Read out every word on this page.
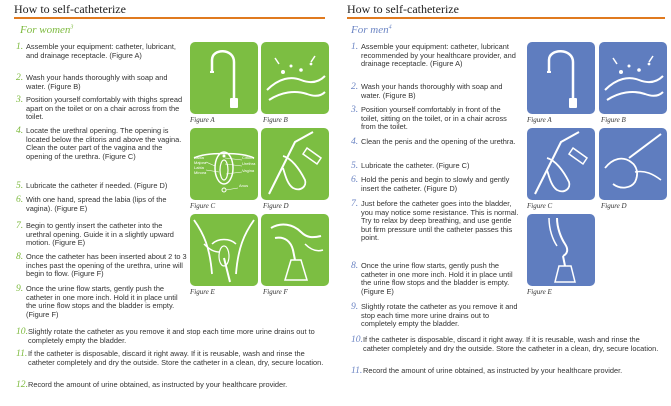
How to self-catheterize
For women$^3$
1. Assemble your equipment: catheter, lubricant, and drainage receptacle. (Figure A)
2. Wash your hands thoroughly with soap and water. (Figure B)
3. Position yourself comfortably with thighs spread apart on the toilet or on a chair across from the toilet.
4. Locate the urethral opening. The opening is located below the clitoris and above the vagina. Clean the outer part of the vagina and the opening of the urethra. (Figure C)
5. Lubricate the catheter if needed. (Figure D)
6. With one hand, spread the labia (lips of the vagina). (Figure E)
7. Begin to gently insert the catheter into the urethral opening. Guide it in a slightly upward motion. (Figure E)
8. Once the catheter has been inserted about 2 to 3 inches past the opening of the urethra, urine will begin to flow. (Figure F)
9. Once the urine flow starts, gently push the catheter in one more inch. Hold it in place until the urine flow stops and the bladder is empty. (Figure F)
10. Slightly rotate the catheter as you remove it and stop each time more urine drains out to completely empty the bladder.
11. If the catheter is disposable, discard it right away. If it is reusable, wash and rinse the catheter completely and dry the outside. Store the catheter in a clean, dry, secure location.
12. Record the amount of urine obtained, as instructed by your healthcare provider.
Figure A	Figure B
Labia Majora
Labia Minora
Clitoris
Urethra
Vagina
Anus
Figure C	Figure D
Figure E	Figure F
How to self-catheterize
For men$^4$
1. Assemble your equipment: catheter, lubricant recommended by your healthcare provider, and drainage receptacle. (Figure A)
2. Wash your hands thoroughly with soap and water. (Figure B)
3. Position yourself comfortably in front of the toilet, sitting on the toilet, or in a chair across from the toilet.
4. Clean the penis and the opening of the urethra.
5. Lubricate the catheter. (Figure C)
6. Hold the penis and begin to slowly and gently insert the catheter. (Figure D)
7. Just before the catheter goes into the bladder, you may notice some resistance. This is normal. Try to relax by deep breathing, and use gentle but firm pressure until the catheter passes this point.
8. Once the urine flow starts, gently push the catheter in one more inch. Hold it in place until the urine flow stops and the bladder is empty. (Figure E)
9. Slightly rotate the catheter as you remove it and stop each time more urine drains out to completely empty the bladder.
10. If the catheter is disposable, discard it right away. If it is reusable, wash and rinse the catheter completely and dry the outside. Store the catheter in a clean, dry, secure location.
11. Record the amount of urine obtained, as instructed by your healthcare provider.
Figure A	Figure B
Figure C	Figure D
Figure E
